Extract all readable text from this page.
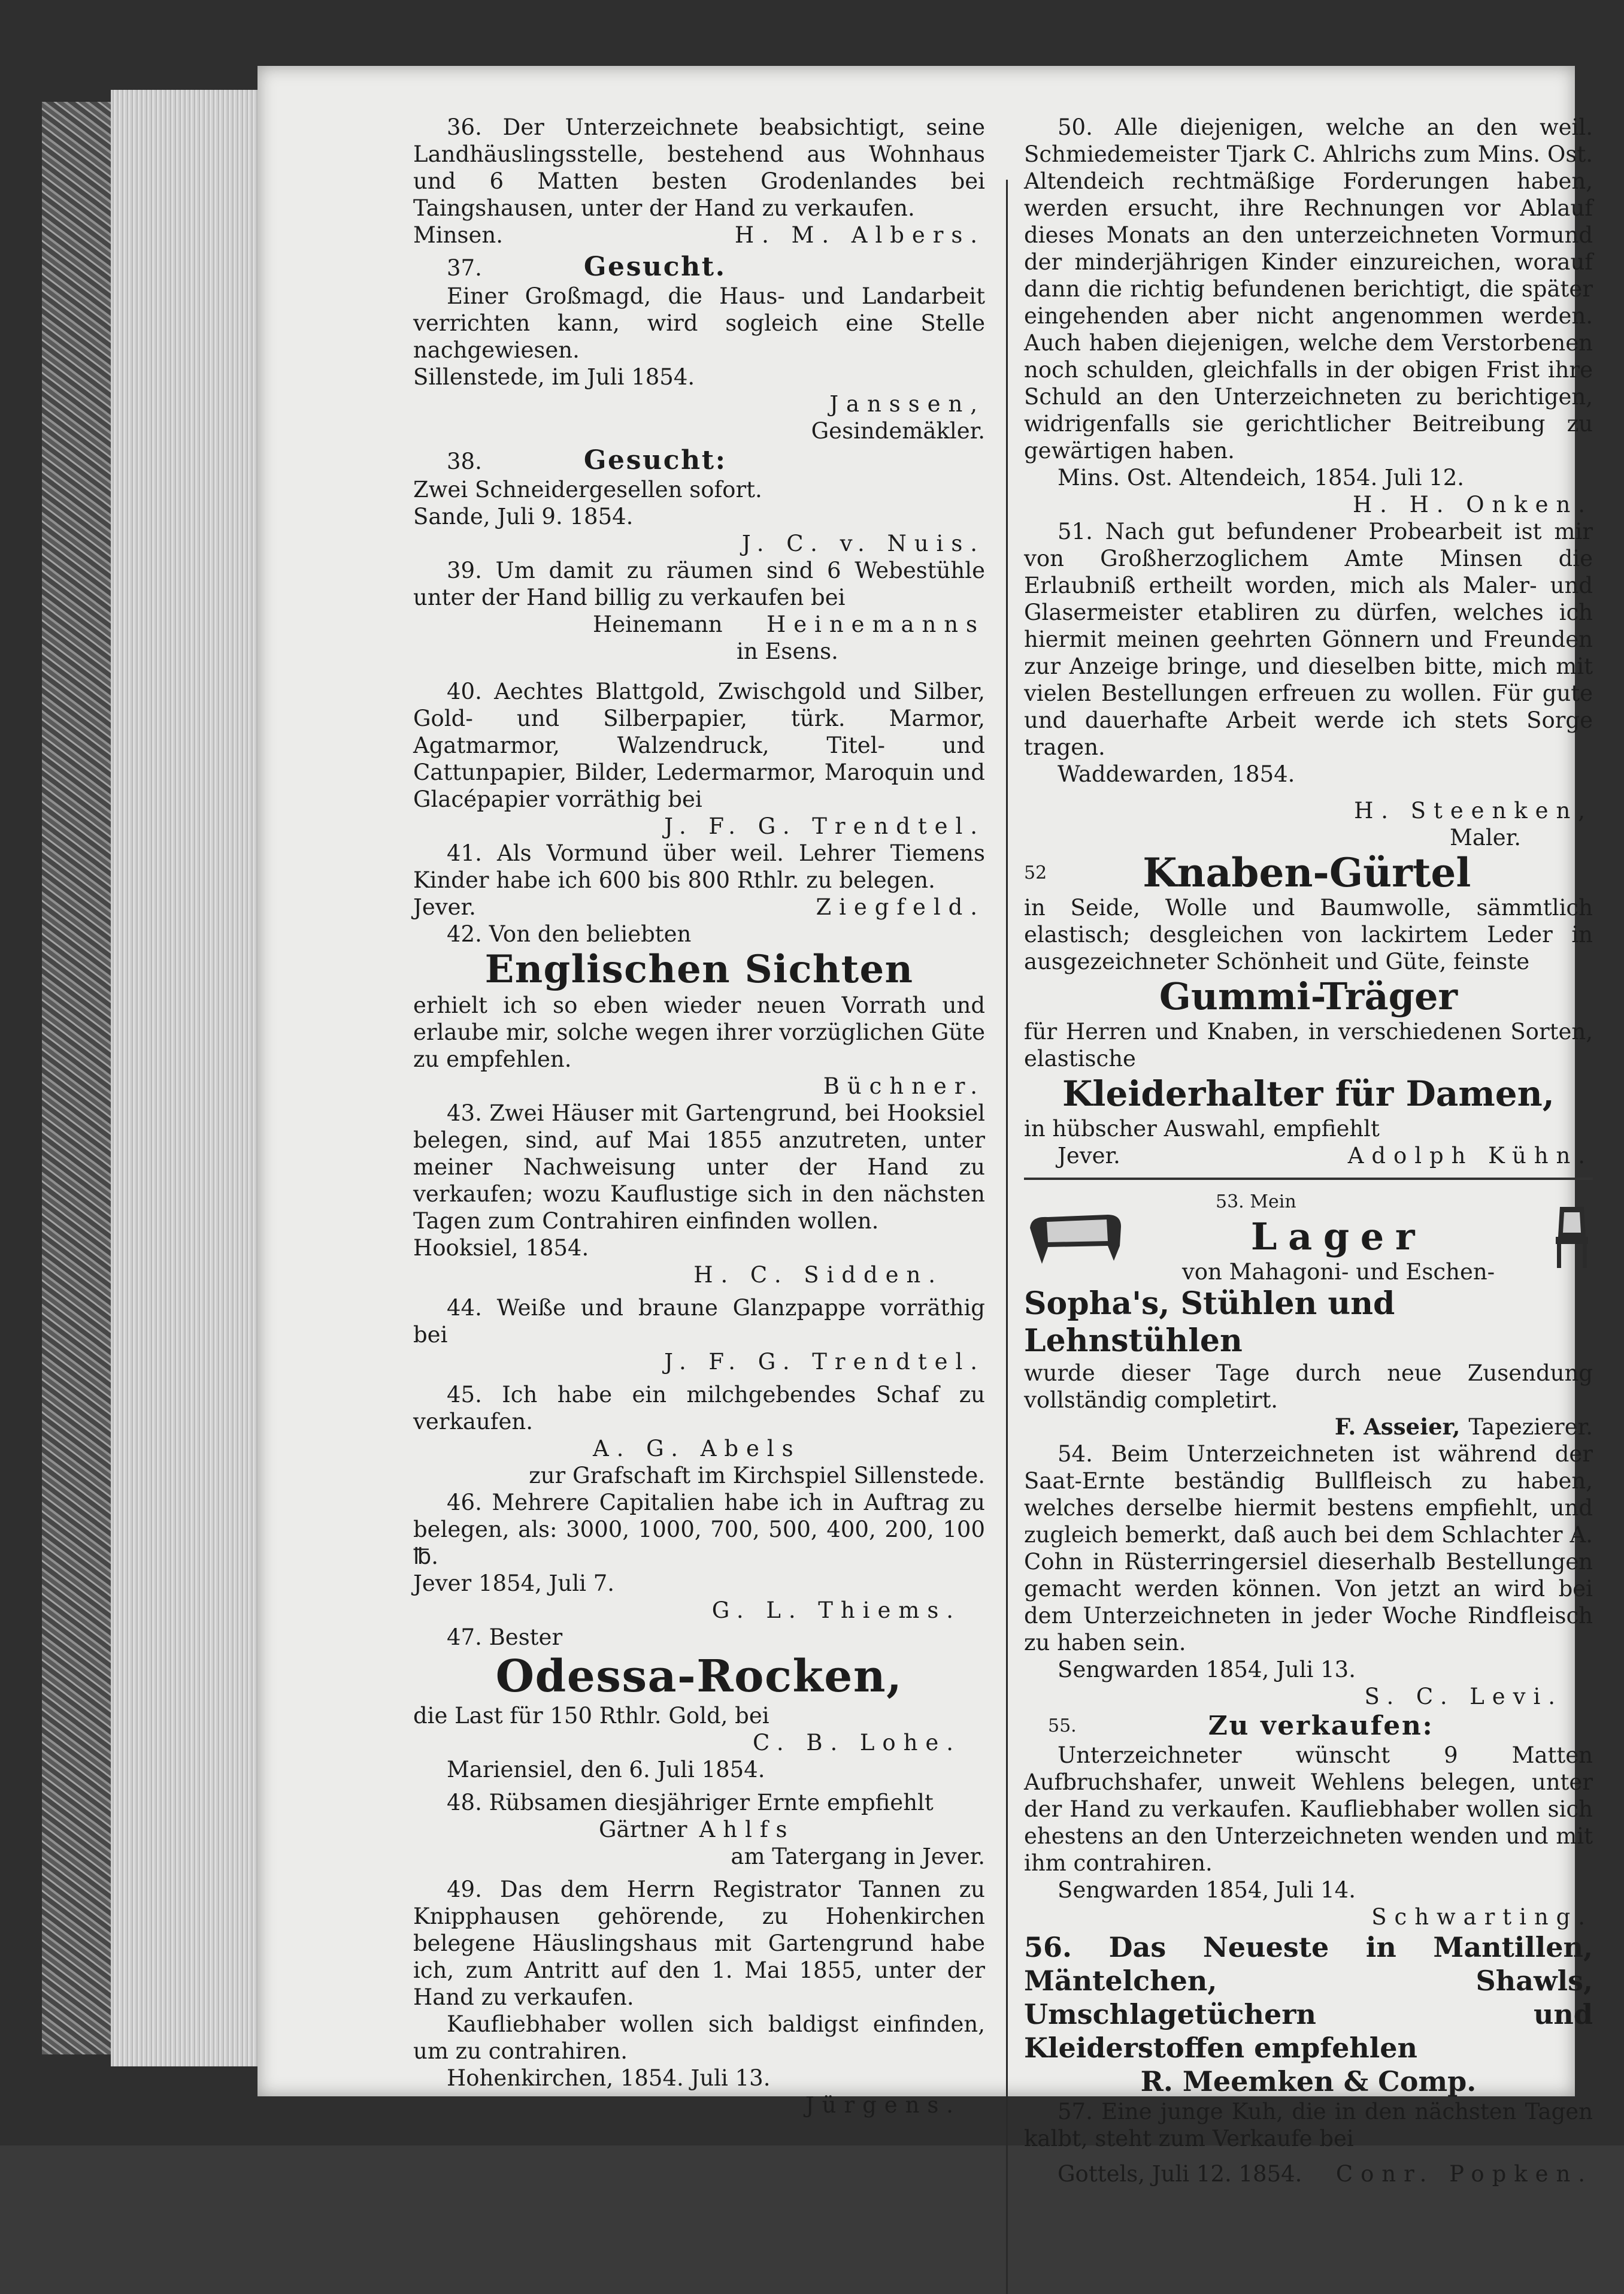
36. Der Unterzeichnete beabsichtigt, seine Landhäuslingsstelle, bestehend aus Wohnhaus und 6 Matten besten Grodenlandes bei Taingshausen, unter der Hand zu verkaufen.

Minsen.	H. M. Albers.
37.	Gesucht.

Einer Großmagd, die Haus- und Landarbeit verrichten kann, wird sogleich eine Stelle nachgewiesen.

Sillenstede, im Juli 1854.

Janssen,

Gesindemäkler.

38.	Gesucht:

Zwei Schneidergesellen sofort.

Sande, Juli 9. 1854.

J. C. v. Nuis.

39. Um damit zu räumen sind 6 Webestühle unter der Hand billig zu verkaufen bei

Heinemann Heinemanns

in Esens.

40. Aechtes Blattgold, Zwischgold und Silber, Gold- und Silberpapier, türk. Marmor, Agatmarmor, Walzendruck, Titel- und Cattunpapier, Bilder, Ledermarmor, Maroquin und Glacépapier vorräthig bei

J. F. G. Trendtel.

41. Als Vormund über weil. Lehrer Tiemens Kinder habe ich 600 bis 800 Rthlr. zu belegen.

Jever.	Ziegfeld.

42. Von den beliebten

Englischen Sichten

erhielt ich so eben wieder neuen Vorrath und erlaube mir, solche wegen ihrer vorzüglichen Güte zu empfehlen.

Büchner.

43. Zwei Häuser mit Gartengrund, bei Hooksiel belegen, sind, auf Mai 1855 anzutreten, unter meiner Nachweisung unter der Hand zu verkaufen; wozu Kauflustige sich in den nächsten Tagen zum Contrahiren einfinden wollen.

Hooksiel, 1854.

H. C. Sidden.

44. Weiße und braune Glanzpappe vorräthig bei

J. F. G. Trendtel.

45. Ich habe ein milchgebendes Schaf zu verkaufen.

A. G. Abels

zur Grafschaft im Kirchspiel Sillenstede.

46. Mehrere Capitalien habe ich in Auftrag zu belegen, als: 3000, 1000, 700, 500, 400, 200, 100 ℔.

Jever 1854, Juli 7.

G. L. Thiems.

47. Bester

Odessa-Rocken,

die Last für 150 Rthlr. Gold, bei

C. B. Lohe.

Mariensiel, den 6. Juli 1854.

48. Rübsamen diesjähriger Ernte empfiehlt

Gärtner Ahlfs

am Tatergang in Jever.

49. Das dem Herrn Registrator Tannen zu Knipphausen gehörende, zu Hohenkirchen belegene Häuslingshaus mit Gartengrund habe ich, zum Antritt auf den 1. Mai 1855, unter der Hand zu verkaufen.

Kaufliebhaber wollen sich baldigst einfinden, um zu contrahiren.

Hohenkirchen, 1854. Juli 13.

Jürgens.

50. Alle diejenigen, welche an den weil. Schmiedemeister Tjark C. Ahlrichs zum Mins. Ost. Altendeich rechtmäßige Forderungen haben, werden ersucht, ihre Rechnungen vor Ablauf dieses Monats an den unterzeichneten Vormund der minderjährigen Kinder einzureichen, worauf dann die richtig befundenen berichtigt, die später eingehenden aber nicht angenommen werden. Auch haben diejenigen, welche dem Verstorbenen noch schulden, gleichfalls in der obigen Frist ihre Schuld an den Unterzeichneten zu berichtigen, widrigenfalls sie gerichtlicher Beitreibung zu gewärtigen haben.

Mins. Ost. Altendeich, 1854. Juli 12.

H. H. Onken.

51. Nach gut befundener Probearbeit ist mir von Großherzoglichem Amte Minsen die Erlaubniß ertheilt worden, mich als Maler- und Glasermeister etabliren zu dürfen, welches ich hiermit meinen geehrten Gönnern und Freunden zur Anzeige bringe, und dieselben bitte, mich mit vielen Bestellungen erfreuen zu wollen. Für gute und dauerhafte Arbeit werde ich stets Sorge tragen.

Waddewarden, 1854.

H. Steenken,

Maler.

52 Knaben-Gürtel

in Seide, Wolle und Baumwolle, sämmtlich elastisch; desgleichen von lackirtem Leder in ausgezeichneter Schönheit und Güte, feinste

Gummi-Träger

für Herren und Knaben, in verschiedenen Sorten, elastische

Kleiderhalter für Damen,

in hübscher Auswahl, empfiehlt

Jever.	Adolph Kühn.
53. Mein
Lager
von Mahagoni- und Eschen-
Sopha's, Stühlen und Lehnstühlen

wurde dieser Tage durch neue Zusendung vollständig completirt.

F. Asseier, Tapezierer.

54. Beim Unterzeichneten ist während der Saat-Ernte beständig Bullfleisch zu haben, welches derselbe hiermit bestens empfiehlt, und zugleich bemerkt, daß auch bei dem Schlachter A. Cohn in Rüsterringersiel dieserhalb Bestellungen gemacht werden können. Von jetzt an wird bei dem Unterzeichneten in jeder Woche Rindfleisch zu haben sein.

Sengwarden 1854, Juli 13.

S. C. Levi.

55.	Zu verkaufen:

Unterzeichneter wünscht 9 Matten Aufbruchshafer, unweit Wehlens belegen, unter der Hand zu verkaufen. Kaufliebhaber wollen sich ehestens an den Unterzeichneten wenden und mit ihm contrahiren.

Sengwarden 1854, Juli 14.

Schwarting.

56. Das Neueste in Mantillen, Mäntelchen, Shawls, Umschlagetüchern und Kleiderstoffen empfehlen
R. Meemken & Comp.

57. Eine junge Kuh, die in den nächsten Tagen kalbt, steht zum Verkaufe bei

Gottels, Juli 12. 1854. Conr. Popken.
